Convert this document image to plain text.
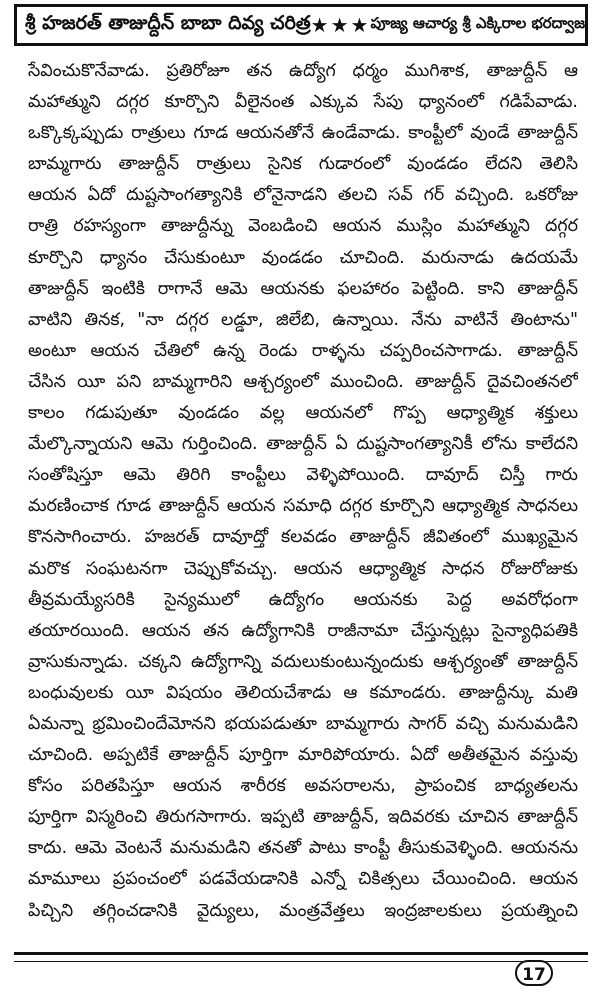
శ్రీ హజరత్ తాజుద్దీన్ బాబా దివ్య చరిత్ర ★★★ పూజ్య ఆచార్య శ్రీ ఎక్కిరాల భరద్వాజ
సేవించుకొనేవాడు. ప్రతిరోజూ తన ఉద్యోగ ధర్మం ముగిశాక, తాజుద్దీన్ ఆ
మహాత్ముని దగ్గర కూర్చొని వీలైనంత ఎక్కువ సేపు ధ్యానంలో గడిపేవాడు.
ఒక్కొక్కప్పుడు రాత్రులు గూడ ఆయనతోనే ఉండేవాడు. కాంప్టీలో వుండే తాజుద్దీన్
బామ్మగారు తాజుద్దీన్ రాత్రులు సైనిక గుడారంలో వుండడం లేదని తెలిసి
ఆయన ఏదో దుష్టసాంగత్యానికి లోనైనాడని తలచి సవ్ గర్ వచ్చింది. ఒకరోజు
రాత్రి రహస్యంగా తాజుద్దీన్ను వెంబడించి ఆయన ముస్లిం మహాత్ముని దగ్గర
కూర్చొని ధ్యానం చేసుకుంటూ వుండడం చూచింది. మరునాడు ఉదయమే
తాజుద్దీన్ ఇంటికి రాగానే ఆమె ఆయనకు ఫలహారం పెట్టింది. కాని తాజుద్దీన్
వాటిని తినక, "నా దగ్గర లడ్డూ, జిలేబి, ఉన్నాయి. నేను వాటినే తింటాను"
అంటూ ఆయన చేతిలో ఉన్న రెండు రాళ్ళను చప్పరించసాగాడు. తాజుద్దీన్
చేసిన యీ పని బామ్మగారిని ఆశ్చర్యంలో ముంచింది. తాజుద్దీన్ దైవచింతనలో
కాలం గడుపుతూ వుండడం వల్ల ఆయనలో గొప్ప ఆధ్యాత్మిక శక్తులు
మేల్కొన్నాయని ఆమె గుర్తించింది. తాజుద్దీన్ ఏ దుష్టసాంగత్యానికీ లోను కాలేదని
సంతోషిస్తూ ఆమె తిరిగి కాంప్టీలు వెళ్ళిపోయింది. దావూద్ చిస్తీ గారు
మరణించాక గూడ తాజుద్దీన్ ఆయన సమాధి దగ్గర కూర్చొని ఆధ్యాత్మిక సాధనలు
కొనసాగించారు. హజరత్ దావూద్తో కలవడం తాజుద్దీన్ జీవితంలో ముఖ్యమైన
మరొక సంఘటనగా చెప్పుకోవచ్చు. ఆయన ఆధ్యాత్మిక సాధన రోజురోజుకు
తీవ్రమయ్యేసరికి సైన్యములో ఉద్యోగం ఆయనకు పెద్ద అవరోధంగా
తయారయింది. ఆయన తన ఉద్యోగానికి రాజీనామా చేస్తున్నట్లు సైన్యాధిపతికి
వ్రాసుకున్నాడు. చక్కని ఉద్యోగాన్ని వదులుకుంటున్నందుకు ఆశ్చర్యంతో తాజుద్దీన్
బంధువులకు యీ విషయం తెలియచేశాడు ఆ కమాండరు. తాజుద్దీన్కు మతి
ఏమన్నా భ్రమించిందేమోనని భయపడుతూ బామ్మగారు సాగర్ వచ్చి మనుమడిని
చూచింది. అప్పటికే తాజుద్దీన్ పూర్తిగా మారిపోయారు. ఏదో అతీతమైన వస్తువు
కోసం పరితపిస్తూ ఆయన శారీరక అవసరాలను, ప్రాపంచిక బాధ్యతలను
పూర్తిగా విస్మరించి తిరుగసాగారు. ఇప్పటి తాజుద్దీన్, ఇదివరకు చూచిన తాజుద్దీన్
కాదు. ఆమె వెంటనే మనుమడిని తనతో పాటు కాంప్టీ తీసుకువెళ్ళింది. ఆయనను
మామూలు ప్రపంచంలో పడవేయడానికి ఎన్నో చికిత్సలు చేయించింది. ఆయన
పిచ్చిని తగ్గించడానికి వైద్యులు, మంత్రవేత్తలు ఇంద్రజాలకులు ప్రయత్నించి
17
